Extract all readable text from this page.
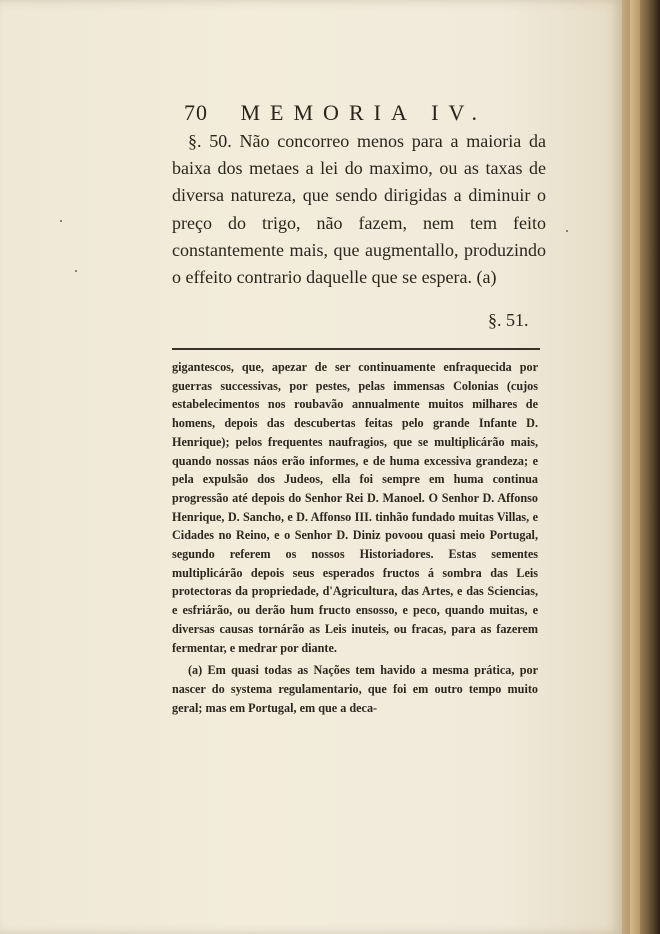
70 MEMORIA IV.

§. 50. Não concorreo menos para a maioria da baixa dos metaes a lei do maximo, ou as taxas de diversa natureza, que sendo dirigidas a diminuir o preço do trigo, não fazem, nem tem feito constantemente mais, que augmentallo, produzindo o effeito contrario daquelle que se espera. (a)

§. 51.

gigantescos, que, apezar de ser continuamente enfraquecida por guerras successivas, por pestes, pelas immensas Colonias (cujos estabelecimentos nos roubavão annualmente muitos milhares de homens, depois das descubertas feitas pelo grande Infante D. Henrique); pelos frequentes naufragios, que se multiplicárão mais, quando nossas náos erão informes, e de huma excessiva grandeza; e pela expulsão dos Judeos, ella foi sempre em huma continua progressão até depois do Senhor Rei D. Manoel. O Senhor D. Affonso Henrique, D. Sancho, e D. Affonso III. tinhão fundado muitas Villas, e Cidades no Reino, e o Senhor D. Diniz povoou quasi meio Portugal, segundo referem os nossos Historiadores. Estas sementes multiplicárão depois seus esperados fructos á sombra das Leis protectoras da propriedade, d'Agricultura, das Artes, e das Sciencias, e esfriárão, ou derão hum fructo ensosso, e peco, quando muitas, e diversas causas tornárão as Leis inuteis, ou fracas, para as fazerem fermentar, e medrar por diante.

(a) Em quasi todas as Nações tem havido a mesma prática, por nascer do systema regulamentario, que foi em outro tempo muito geral; mas em Portugal, em que a deca-
